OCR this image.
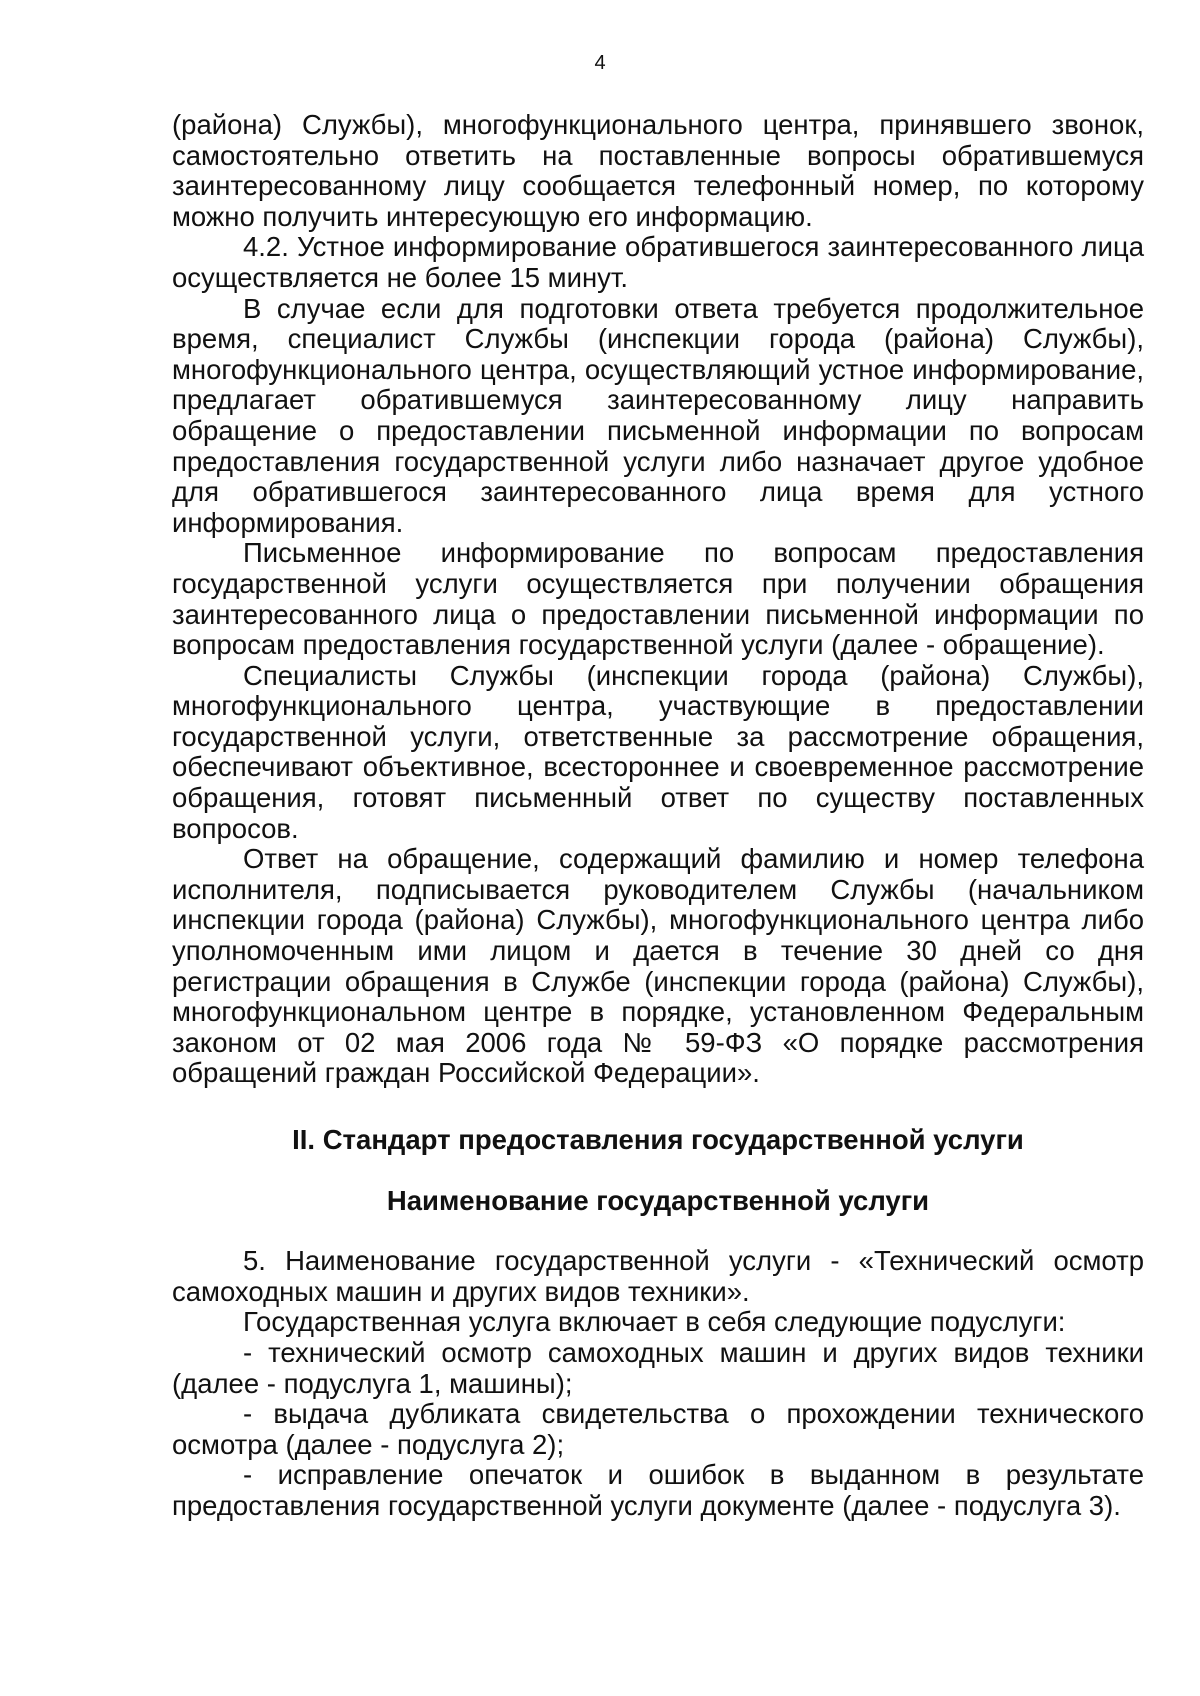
4

(района) Службы), многофункционального центра, принявшего звонок, самостоятельно ответить на поставленные вопросы обратившемуся заинтересованному лицу сообщается телефонный номер, по которому можно получить интересующую его информацию.

4.2. Устное информирование обратившегося заинтересованного лица осуществляется не более 15 минут.

В случае если для подготовки ответа требуется продолжительное время, специалист Службы (инспекции города (района) Службы), многофункционального центра, осуществляющий устное информирование, предлагает обратившемуся заинтересованному лицу направить обращение о предоставлении письменной информации по вопросам предоставления государственной услуги либо назначает другое удобное для обратившегося заинтересованного лица время для устного информирования.

Письменное информирование по вопросам предоставления государственной услуги осуществляется при получении обращения заинтересованного лица о предоставлении письменной информации по вопросам предоставления государственной услуги (далее - обращение).

Специалисты Службы (инспекции города (района) Службы), многофункционального центра, участвующие в предоставлении государственной услуги, ответственные за рассмотрение обращения, обеспечивают объективное, всестороннее и своевременное рассмотрение обращения, готовят письменный ответ по существу поставленных вопросов.

Ответ на обращение, содержащий фамилию и номер телефона исполнителя, подписывается руководителем Службы (начальником инспекции города (района) Службы), многофункционального центра либо уполномоченным ими лицом и дается в течение 30 дней со дня регистрации обращения в Службе (инспекции города (района) Службы), многофункциональном центре в порядке, установленном Федеральным законом от 02 мая 2006 года № 59-ФЗ «О порядке рассмотрения обращений граждан Российской Федерации».

II. Стандарт предоставления государственной услуги

Наименование государственной услуги

5. Наименование государственной услуги - «Технический осмотр самоходных машин и других видов техники».

Государственная услуга включает в себя следующие подуслуги:

- технический осмотр самоходных машин и других видов техники (далее - подуслуга 1, машины);

- выдача дубликата свидетельства о прохождении технического осмотра (далее - подуслуга 2);

- исправление опечаток и ошибок в выданном в результате предоставления государственной услуги документе (далее - подуслуга 3).
